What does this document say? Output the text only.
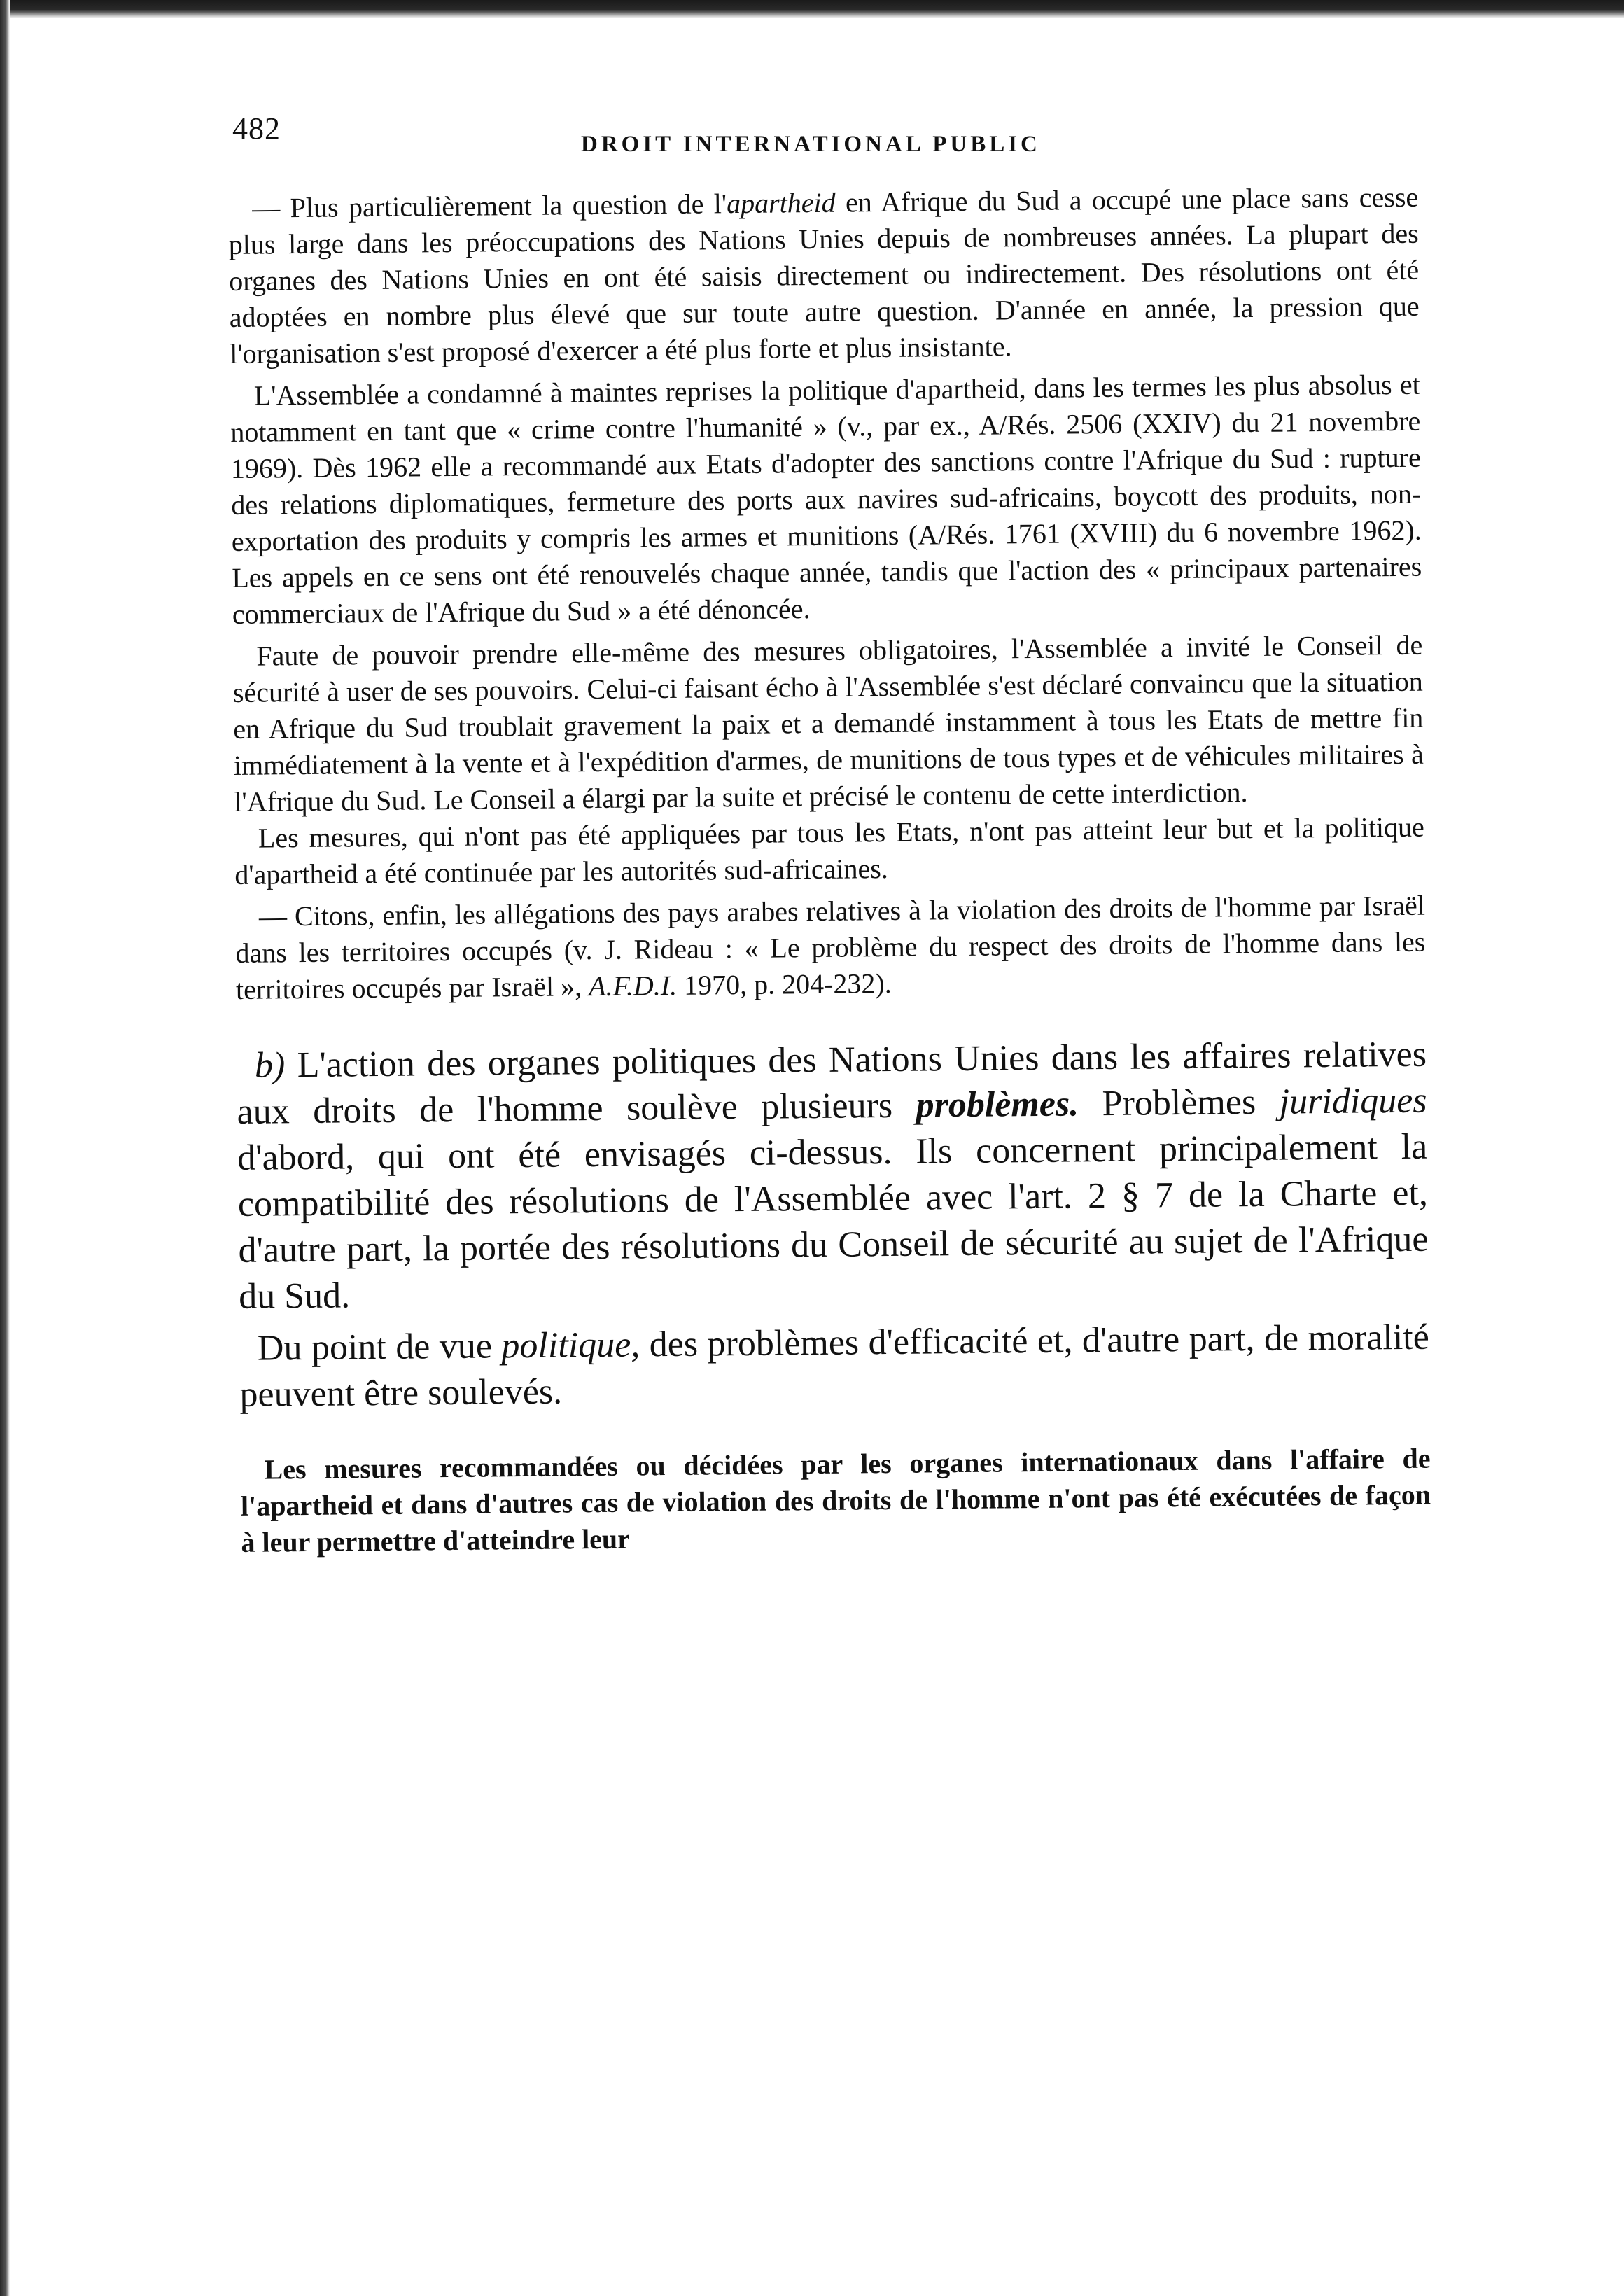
482	DROIT INTERNATIONAL PUBLIC

— Plus particulièrement la question de l'apartheid en Afrique du Sud a occupé une place sans cesse plus large dans les préoccupations des Nations Unies depuis de nombreuses années. La plupart des organes des Nations Unies en ont été saisis directement ou indirectement. Des résolutions ont été adoptées en nombre plus élevé que sur toute autre question. D'année en année, la pression que l'organisation s'est proposé d'exercer a été plus forte et plus insistante.

L'Assemblée a condamné à maintes reprises la politique d'apartheid, dans les termes les plus absolus et notamment en tant que « crime contre l'humanité » (v., par ex., A/Rés. 2506 (XXIV) du 21 novembre 1969). Dès 1962 elle a recommandé aux Etats d'adopter des sanctions contre l'Afrique du Sud : rupture des relations diplomatiques, fermeture des ports aux navires sud-africains, boycott des produits, non-exportation des produits y compris les armes et munitions (A/Rés. 1761 (XVIII) du 6 novembre 1962). Les appels en ce sens ont été renouvelés chaque année, tandis que l'action des « principaux partenaires commerciaux de l'Afrique du Sud » a été dénoncée.

Faute de pouvoir prendre elle-même des mesures obligatoires, l'Assemblée a invité le Conseil de sécurité à user de ses pouvoirs. Celui-ci faisant écho à l'Assemblée s'est déclaré convaincu que la situation en Afrique du Sud troublait gravement la paix et a demandé instamment à tous les Etats de mettre fin immédiatement à la vente et à l'expédition d'armes, de munitions de tous types et de véhicules militaires à l'Afrique du Sud. Le Conseil a élargi par la suite et précisé le contenu de cette interdiction.

Les mesures, qui n'ont pas été appliquées par tous les Etats, n'ont pas atteint leur but et la politique d'apartheid a été continuée par les autorités sud-africaines.

— Citons, enfin, les allégations des pays arabes relatives à la violation des droits de l'homme par Israël dans les territoires occupés (v. J. Rideau : « Le problème du respect des droits de l'homme dans les territoires occupés par Israël », A.F.D.I. 1970, p. 204-232).

b) L'action des organes politiques des Nations Unies dans les affaires relatives aux droits de l'homme soulève plusieurs problèmes. Problèmes juridiques d'abord, qui ont été envisagés ci-dessus. Ils concernent principalement la compatibilité des résolutions de l'Assemblée avec l'art. 2 § 7 de la Charte et, d'autre part, la portée des résolutions du Conseil de sécurité au sujet de l'Afrique du Sud.

Du point de vue politique, des problèmes d'efficacité et, d'autre part, de moralité peuvent être soulevés.

Les mesures recommandées ou décidées par les organes internationaux dans l'affaire de l'apartheid et dans d'autres cas de violation des droits de l'homme n'ont pas été exécutées de façon à leur permettre d'atteindre leur
